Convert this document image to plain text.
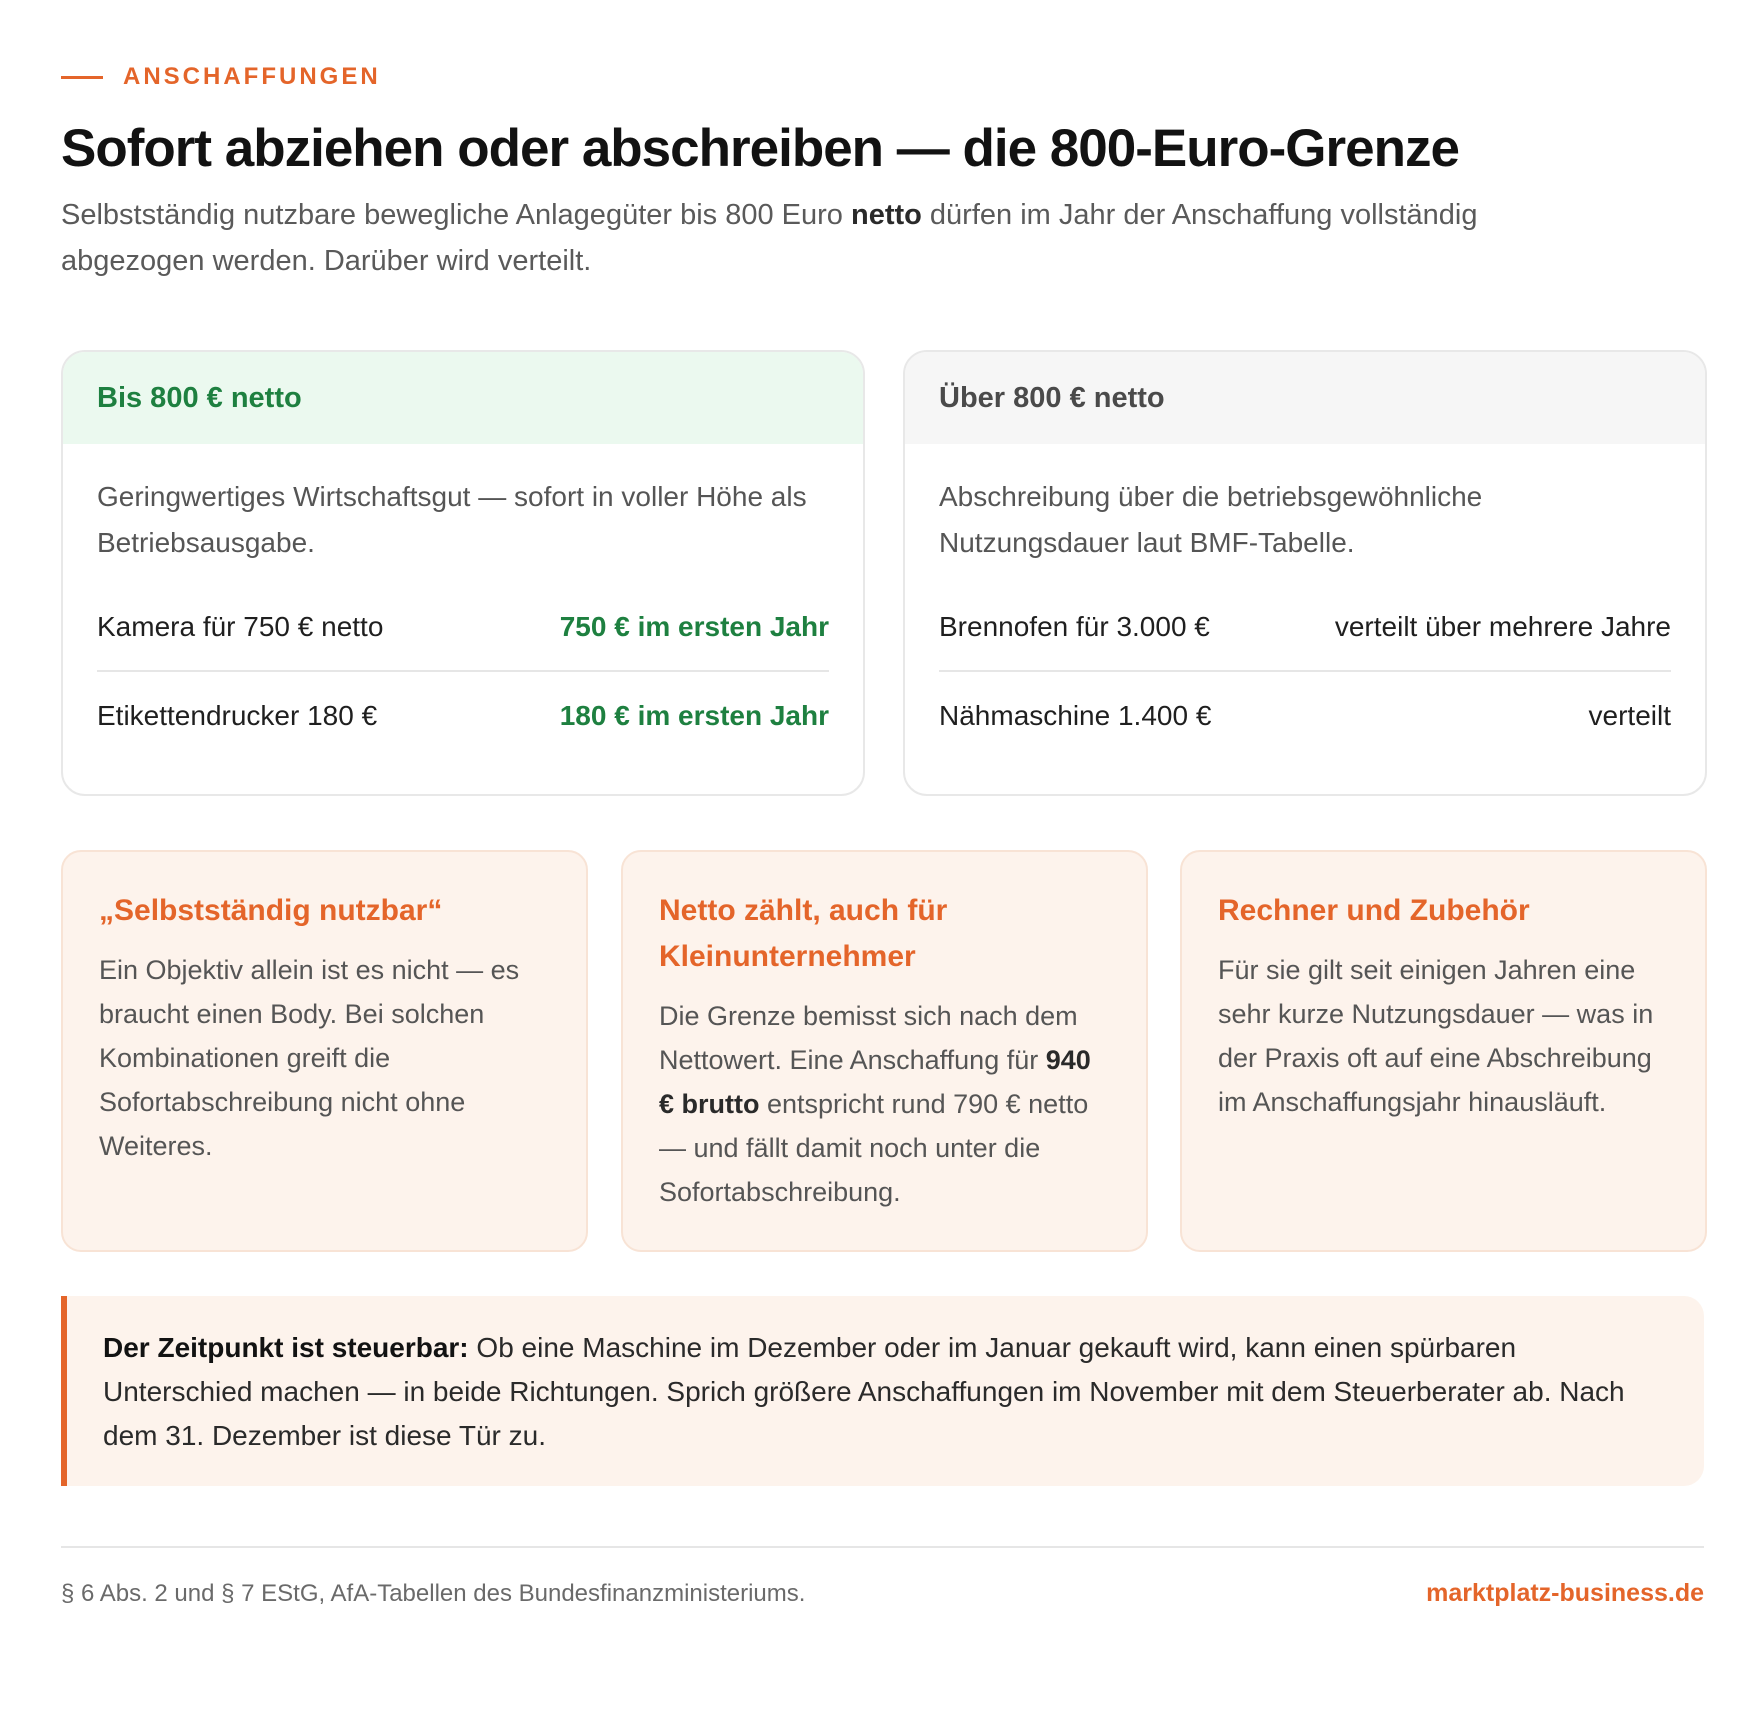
ANSCHAFFUNGEN
Sofort abziehen oder abschreiben — die 800-Euro-Grenze

Selbstständig nutzbare bewegliche Anlagegüter bis 800 Euro netto dürfen im Jahr der Anschaffung vollständig abgezogen werden. Darüber wird verteilt.

Bis 800 € netto

Geringwertiges Wirtschaftsgut — sofort in voller Höhe als Betriebsausgabe.

Kamera für 750 € netto	750 € im ersten Jahr
Etikettendrucker 180 €	180 € im ersten Jahr
Über 800 € netto

Abschreibung über die betriebsgewöhnliche Nutzungsdauer laut BMF-Tabelle.

Brennofen für 3.000 €	verteilt über mehrere Jahre
Nähmaschine 1.400 €	verteilt
„Selbstständig nutzbar“

Ein Objektiv allein ist es nicht — es braucht einen Body. Bei solchen Kombinationen greift die Sofortabschreibung nicht ohne Weiteres.

Netto zählt, auch für Kleinunternehmer

Die Grenze bemisst sich nach dem Nettowert. Eine Anschaffung für 940 € brutto entspricht rund 790 € netto — und fällt damit noch unter die Sofortabschreibung.

Rechner und Zubehör

Für sie gilt seit einigen Jahren eine sehr kurze Nutzungsdauer — was in der Praxis oft auf eine Abschreibung im Anschaffungsjahr hinausläuft.

Der Zeitpunkt ist steuerbar: Ob eine Maschine im Dezember oder im Januar gekauft wird, kann einen spürbaren Unterschied machen — in beide Richtungen. Sprich größere Anschaffungen im November mit dem Steuerberater ab. Nach dem 31. Dezember ist diese Tür zu.
§ 6 Abs. 2 und § 7 EStG, AfA-Tabellen des Bundesfinanzministeriums.	marktplatz-business.de
